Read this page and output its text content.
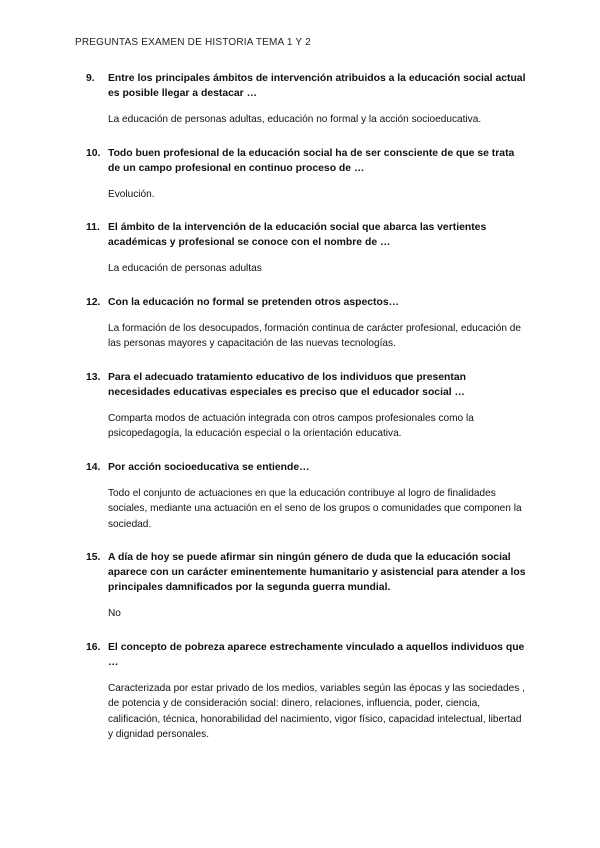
PREGUNTAS EXAMEN DE HISTORIA TEMA 1 Y 2
9.	Entre los principales ámbitos de intervención atribuidos a la educación social actual es posible llegar a destacar …
La educación de personas adultas, educación no formal y la acción socioeducativa.
10. Todo buen profesional de la educación social ha de ser consciente de que se trata de un campo profesional en continuo proceso de …
Evolución.
11. El ámbito de la intervención de la educación social que abarca las vertientes académicas y profesional se conoce con el nombre de …
La educación de personas adultas
12. Con la educación no formal se pretenden otros aspectos…
La formación de los desocupados, formación continua de carácter profesional, educación de las personas mayores y capacitación de las nuevas tecnologías.
13. Para el adecuado tratamiento educativo de los individuos que presentan necesidades educativas especiales es preciso que el educador social …
Comparta modos de actuación integrada con otros campos profesionales como la psicopedagogía, la educación especial o la orientación educativa.
14. Por acción socioeducativa se entiende…
Todo el conjunto de actuaciones en que la educación contribuye al logro de finalidades sociales, mediante una actuación en el seno de los grupos o comunidades que componen la sociedad.
15. A día de hoy se puede afirmar sin ningún género de duda que la educación social aparece con un carácter eminentemente humanitario y asistencial para atender a los principales damnificados por la segunda guerra mundial.
No
16. El concepto de pobreza aparece estrechamente vinculado a aquellos individuos que …
Caracterizada por estar privado de los medios, variables según las épocas y las sociedades , de potencia y de consideración social: dinero, relaciones, influencia, poder, ciencia, calificación, técnica, honorabilidad del nacimiento, vigor físico, capacidad intelectual, libertad y dignidad personales.
